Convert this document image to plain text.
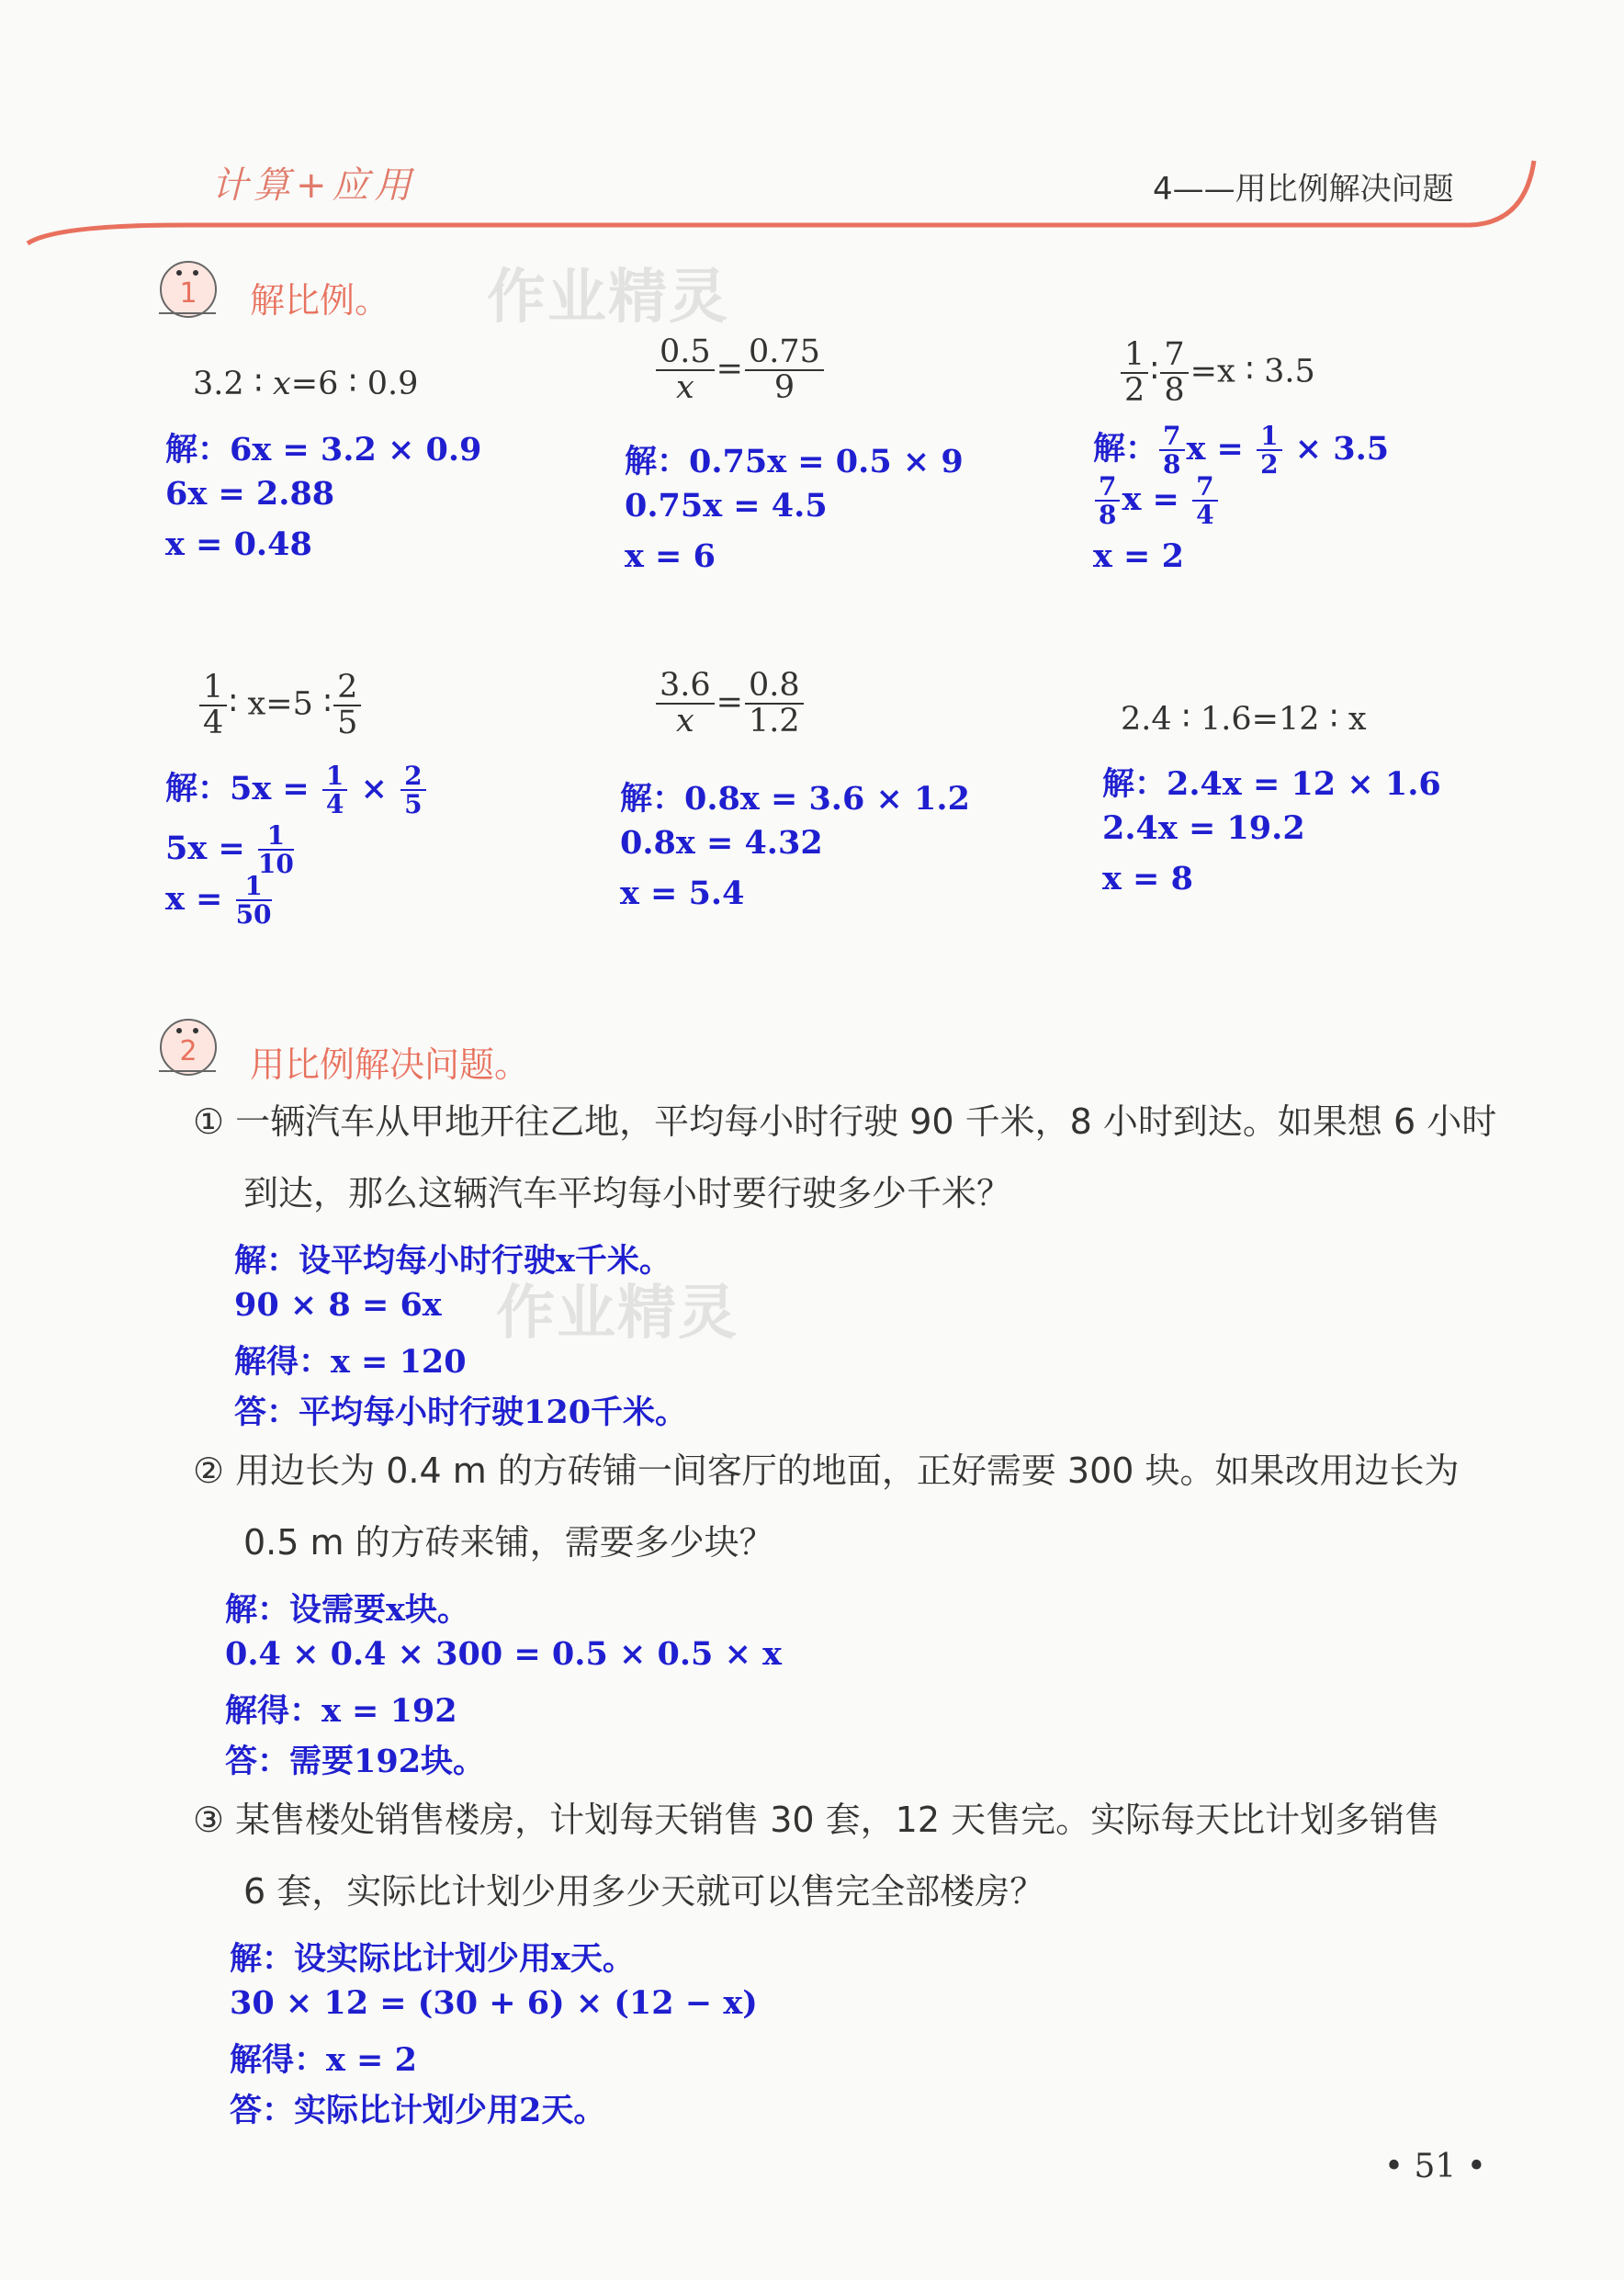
计算+应用	4——用比例解决问题
1 解比例。 作业精灵
3.2 ∶ x=6 ∶ 0.9
解：6x = 3.2 × 0.9
6x = 2.88
x = 0.48
$\frac{0.5}{x} = \frac{0.75}{9}$
解：0.75x = 0.5 × 9
0.75x = 4.5
x = 6
$\frac{1}{2}$ ∶ $\frac{7}{8} =x$ ∶ 3.5
解： $\frac{7}{8}$ $x = \frac{1}{2} \times 3.5$
$\frac{7}{8}$ $x = \frac{7}{4}$
x = 2
$\frac{1}{4}$ ∶ x=5 ∶ $\frac{2}{5}$
解：$5x = \frac{1}{4} \times \frac{2}{5}$
$5x = \frac{1}{10}$
$x = \frac{1}{50}$
$\frac{3.6}{x} = \frac{0.8}{1.2}$
解：0.8x = 3.6 × 1.2
0.8x = 4.32
x = 5.4
2.4 ∶ 1.6=12 ∶ x
解：2.4x = 12 × 1.6
2.4x = 19.2
x = 8
2 用比例解决问题。
作业精灵
① 一辆汽车从甲地开往乙地，平均每小时行驶 90 千米，8 小时到达。如果想 6 小时
到达，那么这辆汽车平均每小时要行驶多少千米？
解：设平均每小时行驶x千米。
90 × 8 = 6x
解得：x = 120
答：平均每小时行驶120千米。
② 用边长为 0.4 m 的方砖铺一间客厅的地面，正好需要 300 块。如果改用边长为
0.5 m 的方砖来铺，需要多少块？
解：设需要x块。
0.4 × 0.4 × 300 = 0.5 × 0.5 × x
解得：x = 192
答：需要192块。
③ 某售楼处销售楼房，计划每天销售 30 套，12 天售完。实际每天比计划多销售
6 套，实际比计划少用多少天就可以售完全部楼房？
解：设实际比计划少用x天。
30 × 12 = (30 + 6) × (12 − x)
解得：x = 2
答：实际比计划少用2天。
• 51 •
